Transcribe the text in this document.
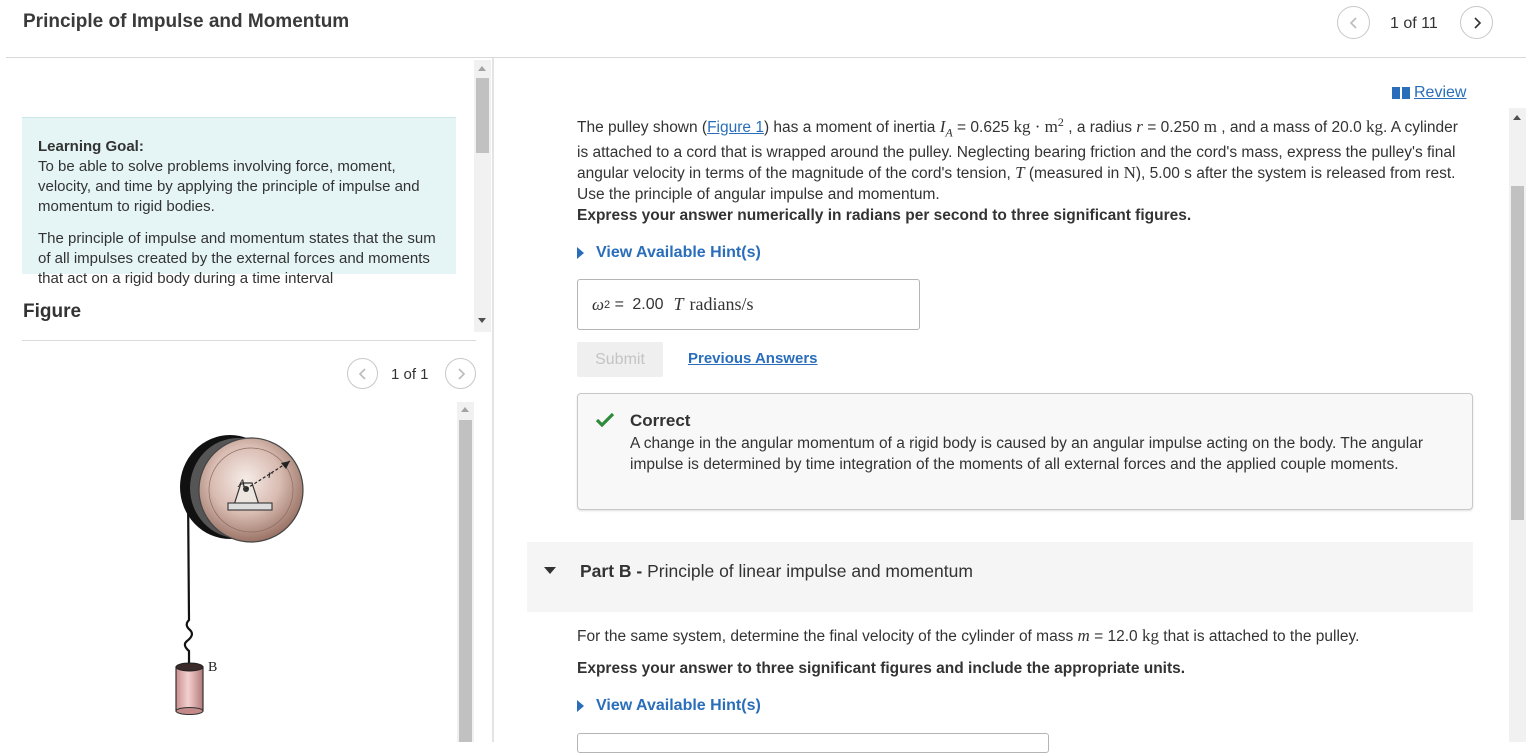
Principle of Impulse and Momentum	1 of 11
Learning Goal:
To be able to solve problems involving force, moment, velocity, and time by applying the principle of impulse and momentum to rigid bodies.
The principle of impulse and momentum states that the sum of all impulses created by the external forces and moments that act on a rigid body during a time interval
Figure
1 of 1
A
r
B
Review
The pulley shown (Figure 1) has a moment of inertia $I_A = 0.625$ kg · $m^2$ , a radius r = 0.250 m , and a mass of 20.0 kg. A cylinder is attached to a cord that is wrapped around the pulley. Neglecting bearing friction and the cord's mass, express the pulley's final angular velocity in terms of the magnitude of the cord's tension, T (measured in N), 5.00 s after the system is released from rest. Use the principle of angular impulse and momentum.
Express your answer numerically in radians per second to three significant figures.
View Available Hint(s)
ω 2 = 2.00 T radians/s
Submit	Previous Answers
Correct
A change in the angular momentum of a rigid body is caused by an angular impulse acting on the body. The angular impulse is determined by time integration of the moments of all external forces and the applied couple moments.
Part B - Principle of linear impulse and momentum
For the same system, determine the final velocity of the cylinder of mass m = 12.0 kg that is attached to the pulley.
Express your answer to three significant figures and include the appropriate units.
View Available Hint(s)
